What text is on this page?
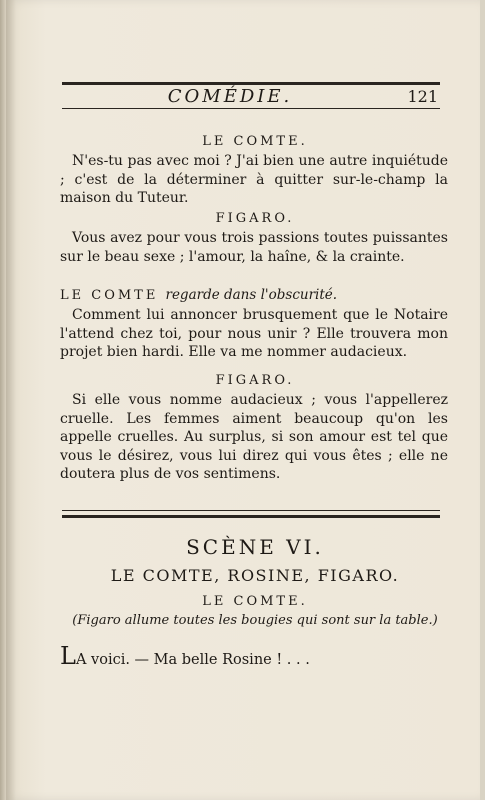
COMÉDIE.	121
LE COMTE.
N'es-tu pas avec moi ? J'ai bien une autre inquiétude ; c'est de la déterminer à quitter sur-le-champ la maison du Tuteur.
FIGARO.
Vous avez pour vous trois passions toutes puissantes sur le beau sexe ; l'amour, la haîne, & la crainte.
LE COMTE regarde dans l'obscurité.
Comment lui annoncer brusquement que le Notaire l'attend chez toi, pour nous unir ? Elle trouvera mon projet bien hardi. Elle va me nommer audacieux.
FIGARO.
Si elle vous nomme audacieux ; vous l'appellerez cruelle. Les femmes aiment beaucoup qu'on les appelle cruelles. Au surplus, si son amour est tel que vous le désirez, vous lui direz qui vous êtes ; elle ne doutera plus de vos sentimens.
SCÈNE VI.
LE COMTE, ROSINE, FIGARO.
LE COMTE.
(Figaro allume toutes les bougies qui sont sur la table.)
LA voici. — Ma belle Rosine ! . . .
